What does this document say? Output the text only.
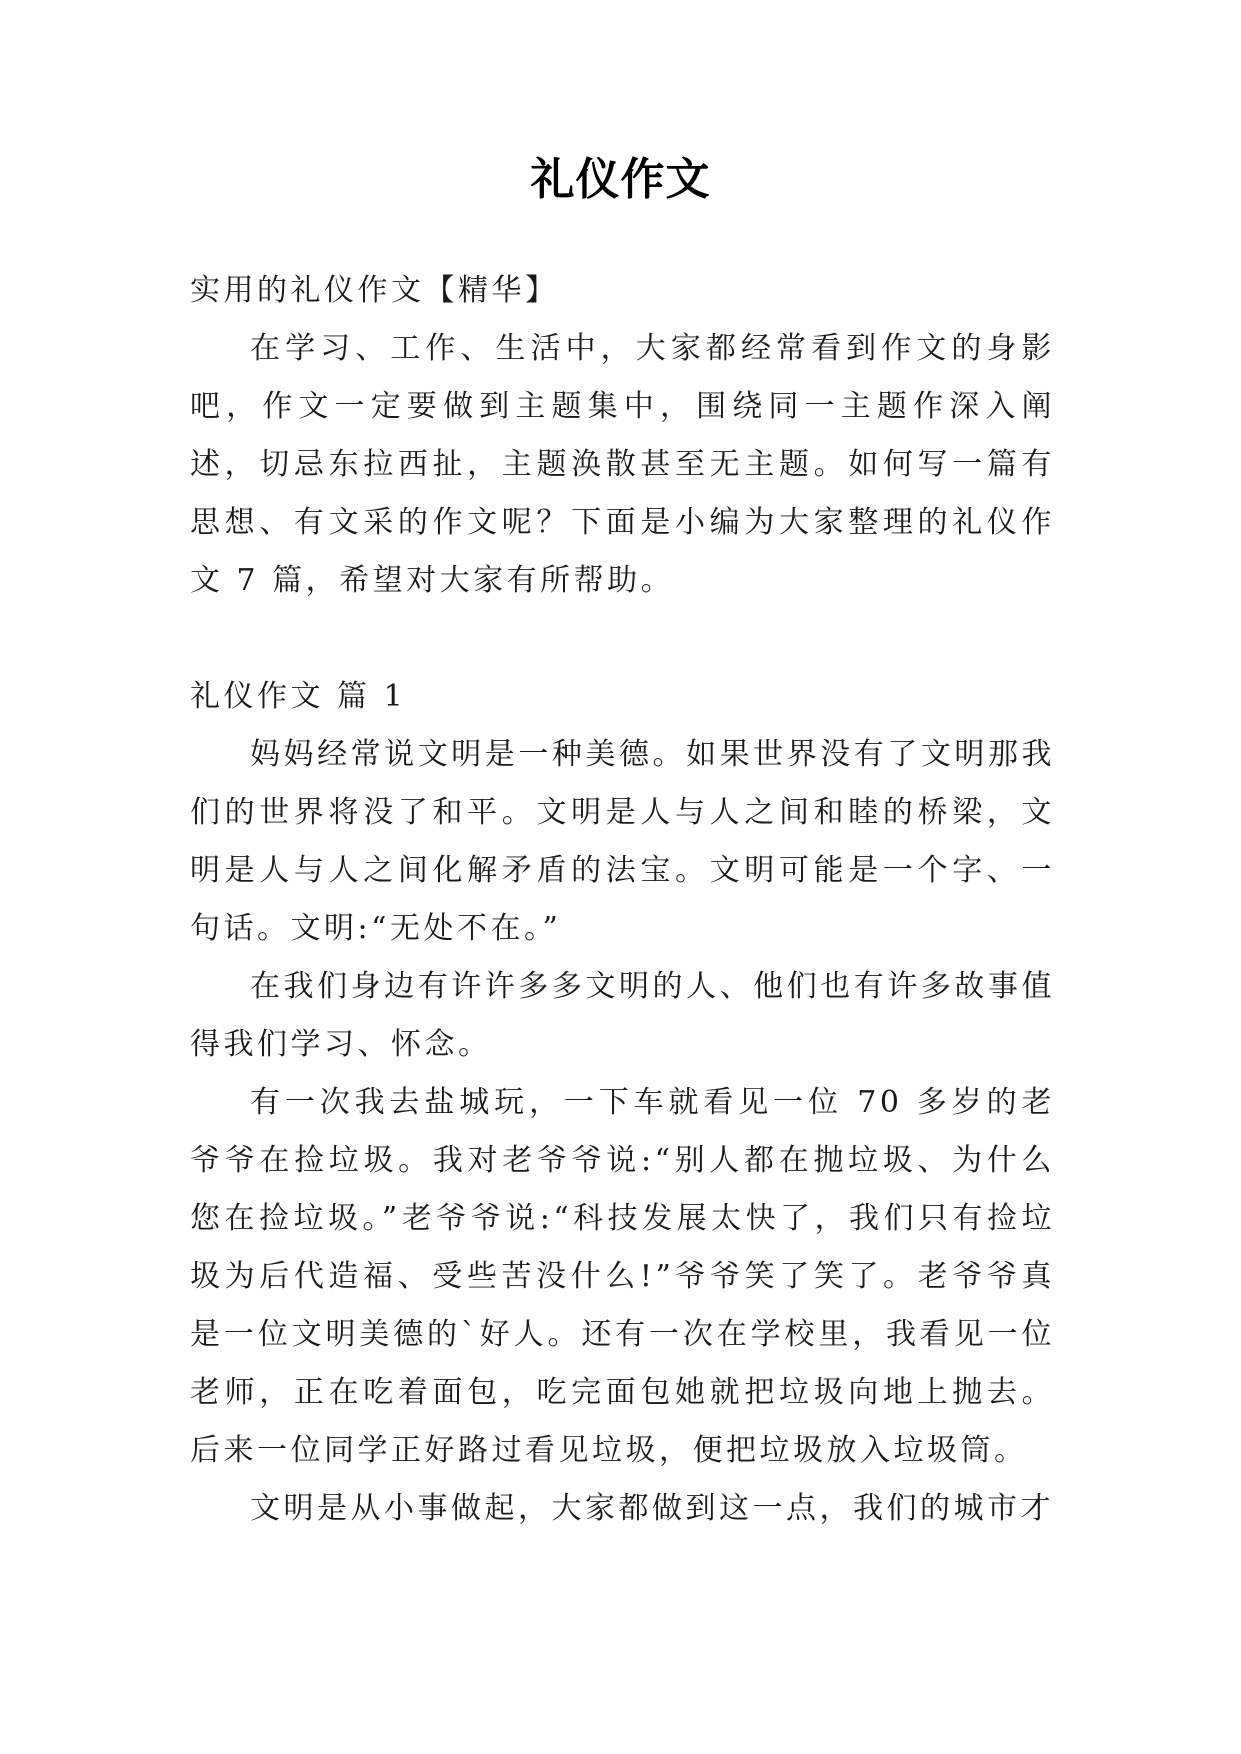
礼仪作文

实用的礼仪作文【精华】

在学习、工作、生活中，大家都经常看到作文的身影吧，作文一定要做到主题集中，围绕同一主题作深入阐述，切忌东拉西扯，主题涣散甚至无主题。如何写一篇有思想、有文采的作文呢？下面是小编为大家整理的礼仪作文 7 篇，希望对大家有所帮助。

礼仪作文 篇 1

妈妈经常说文明是一种美德。如果世界没有了文明那我们的世界将没了和平。文明是人与人之间和睦的桥梁，文明是人与人之间化解矛盾的法宝。文明可能是一个字、一句话。文明:“无处不在。”

在我们身边有许许多多文明的人、他们也有许多故事值得我们学习、怀念。

有一次我去盐城玩，一下车就看见一位 70 多岁的老爷爷在捡垃圾。我对老爷爷说:“别人都在抛垃圾、为什么您在捡垃圾。”老爷爷说:“科技发展太快了，我们只有捡垃圾为后代造福、受些苦没什么!”爷爷笑了笑了。老爷爷真是一位文明美德的`好人。还有一次在学校里，我看见一位老师，正在吃着面包，吃完面包她就把垃圾向地上抛去。后来一位同学正好路过看见垃圾，便把垃圾放入垃圾筒。

文明是从小事做起，大家都做到这一点，我们的城市才
